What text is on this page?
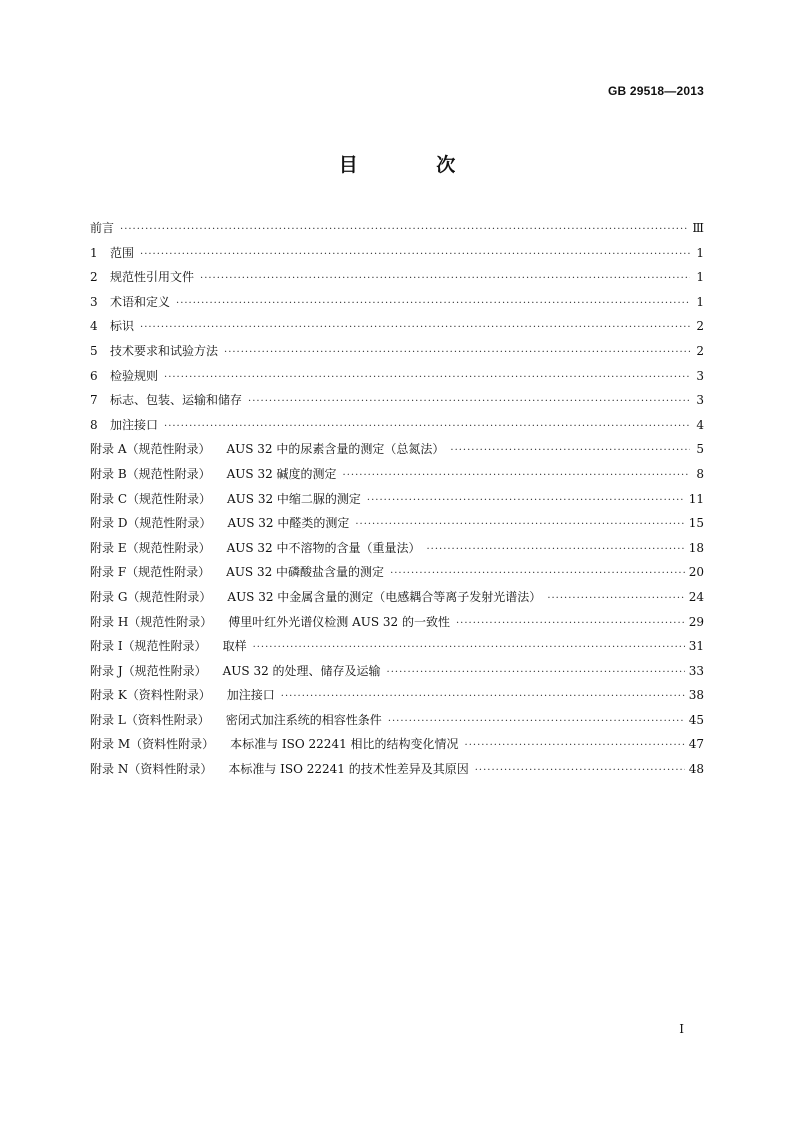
GB 29518—2013
目 次
前言 ·····	Ⅲ
1	范围 ·····	1
2	规范性引用文件 ·····	1
3	术语和定义 ·····	1
4	标识 ·····	2
5	技术要求和试验方法 ·····	2
6	检验规则 ·····	3
7	标志、包装、运输和储存 ·····	3
8	加注接口 ·····	4
附录 A（规范性附录） AUS 32 中的尿素含量的测定（总氮法） ·····	5
附录 B（规范性附录） AUS 32 碱度的测定 ·····	8
附录 C（规范性附录） AUS 32 中缩二脲的测定 ·····	11
附录 D（规范性附录） AUS 32 中醛类的测定 ·····	15
附录 E（规范性附录） AUS 32 中不溶物的含量（重量法） ·····	18
附录 F（规范性附录） AUS 32 中磷酸盐含量的测定 ·····	20
附录 G（规范性附录） AUS 32 中金属含量的测定（电感耦合等离子发射光谱法） ·····	24
附录 H（规范性附录） 傅里叶红外光谱仪检测 AUS 32 的一致性 ·····	29
附录 I（规范性附录） 取样 ·····	31
附录 J（规范性附录） AUS 32 的处理、储存及运输 ·····	33
附录 K（资料性附录） 加注接口 ·····	38
附录 L（资料性附录） 密闭式加注系统的相容性条件 ·····	45
附录 M（资料性附录） 本标准与 ISO 22241 相比的结构变化情况 ·····	47
附录 N（资料性附录） 本标准与 ISO 22241 的技术性差异及其原因 ·····	48
I
